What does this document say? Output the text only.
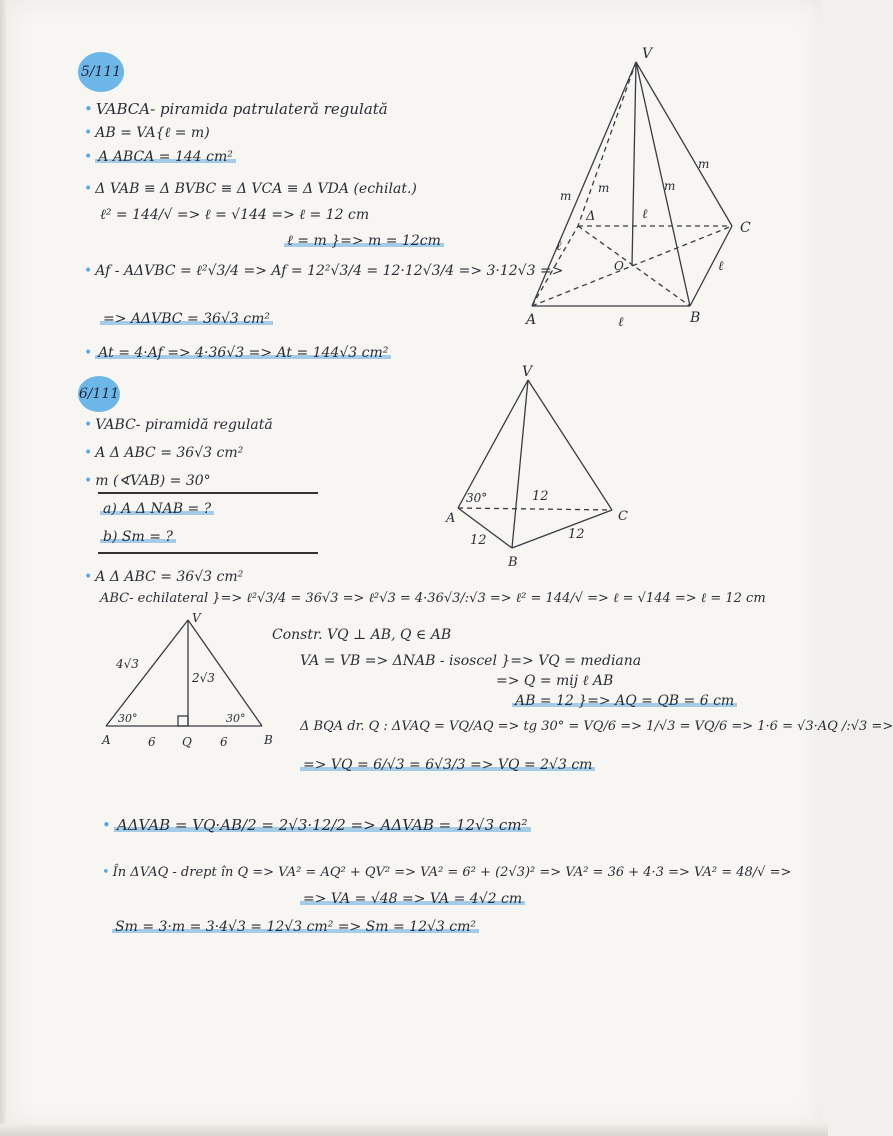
5/111
• VABCA- piramida patrulateră regulată
• AB = VA{ℓ = m)
• A ABCA = 144 cm²
• Δ VAB ≡ Δ BVBC ≡ Δ VCA ≡ Δ VDA (echilat.)
ℓ² = 144/√ => ℓ = √144 => ℓ = 12 cm
ℓ = m }=> m = 12cm
• Af - AΔVBC = ℓ²√3/4 => Af = 12²√3/4 = 12·12√3/4 => 3·12√3 =>
=> AΔVBC = 36√3 cm²
• At = 4·Af => 4·36√3 => At = 144√3 cm²
V
A	B
C
Δ
O
m
m	m
m
ℓ
ℓ
ℓ
ℓ
6/111
• VABC- piramidă regulată
• A Δ ABC = 36√3 cm²
• m (∢VAB) = 30°
a) A Δ NAB = ?
b) Sm = ?
• A Δ ABC = 36√3 cm²
ABC- echilateral }=> ℓ²√3/4 = 36√3 => ℓ²√3 = 4·36√3/:√3 => ℓ² = 144/√ => ℓ = √144 => ℓ = 12 cm
V
A	Q	B
4√3
2√3
30°	30°
6	6
Constr. VQ ⊥ AB, Q ∈ AB
VA = VB => ΔNAB - isoscel }=> VQ = mediana
=> Q = mij ℓ AB
AB = 12 }=> AQ = QB = 6 cm
Δ BQA dr. Q : ΔVAQ = VQ/AQ => tg 30° = VQ/6 => 1/√3 = VQ/6 => 1·6 = √3·AQ /:√3 =>
=> VQ = 6/√3 = 6√3/3 => VQ = 2√3 cm
V
A
B
C
30°	12
12	12
• AΔVAB = VQ·AB/2 = 2√3·12/2 => AΔVAB = 12√3 cm²
• În ΔVAQ - drept în Q => VA² = AQ² + QV² => VA² = 6² + (2√3)² => VA² = 36 + 4·3 => VA² = 48/√ =>
=> VA = √48 => VA = 4√2 cm
Sm = 3·m = 3·4√3 = 12√3 cm² => Sm = 12√3 cm²
